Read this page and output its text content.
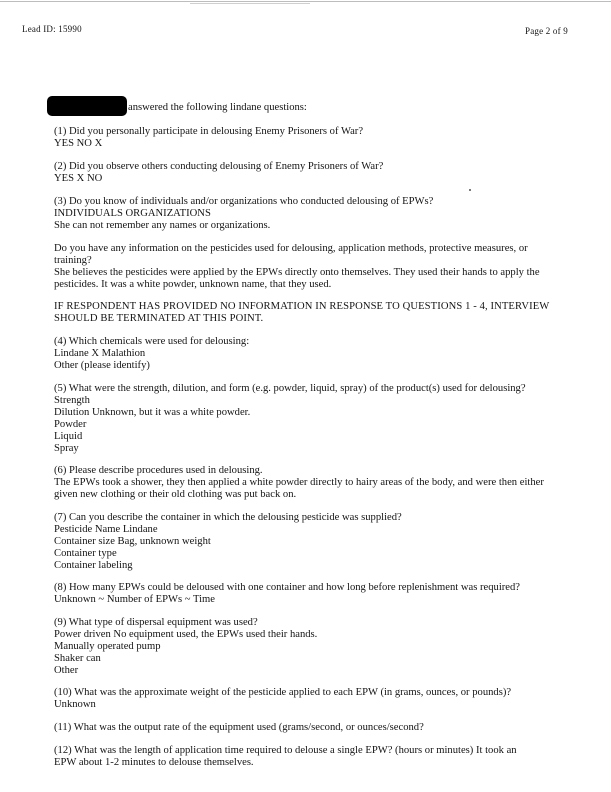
Lead ID: 15990	Page 2 of 9
answered the following lindane questions:
(1) Did you personally participate in delousing Enemy Prisoners of War?
YES NO X
(2) Did you observe others conducting delousing of Enemy Prisoners of War?
YES X NO
(3) Do you know of individuals and/or organizations who conducted delousing of EPWs?
INDIVIDUALS ORGANIZATIONS
She can not remember any names or organizations.
Do you have any information on the pesticides used for delousing, application methods, protective measures, or
training?
She believes the pesticides were applied by the EPWs directly onto themselves. They used their hands to apply the
pesticides. It was a white powder, unknown name, that they used.
IF RESPONDENT HAS PROVIDED NO INFORMATION IN RESPONSE TO QUESTIONS 1 - 4, INTERVIEW
SHOULD BE TERMINATED AT THIS POINT.
(4) Which chemicals were used for delousing:
Lindane X Malathion
Other (please identify)
(5) What were the strength, dilution, and form (e.g. powder, liquid, spray) of the product(s) used for delousing?
Strength
Dilution Unknown, but it was a white powder.
Powder
Liquid
Spray
(6) Please describe procedures used in delousing.
The EPWs took a shower, they then applied a white powder directly to hairy areas of the body, and were then either
given new clothing or their old clothing was put back on.
(7) Can you describe the container in which the delousing pesticide was supplied?
Pesticide Name Lindane
Container size Bag, unknown weight
Container type
Container labeling
(8) How many EPWs could be deloused with one container and how long before replenishment was required?
Unknown ~ Number of EPWs ~ Time
(9) What type of dispersal equipment was used?
Power driven No equipment used, the EPWs used their hands.
Manually operated pump
Shaker can
Other
(10) What was the approximate weight of the pesticide applied to each EPW (in grams, ounces, or pounds)?
Unknown
(11) What was the output rate of the equipment used (grams/second, or ounces/second?
(12) What was the length of application time required to delouse a single EPW? (hours or minutes) It took an
EPW about 1-2 minutes to delouse themselves.
